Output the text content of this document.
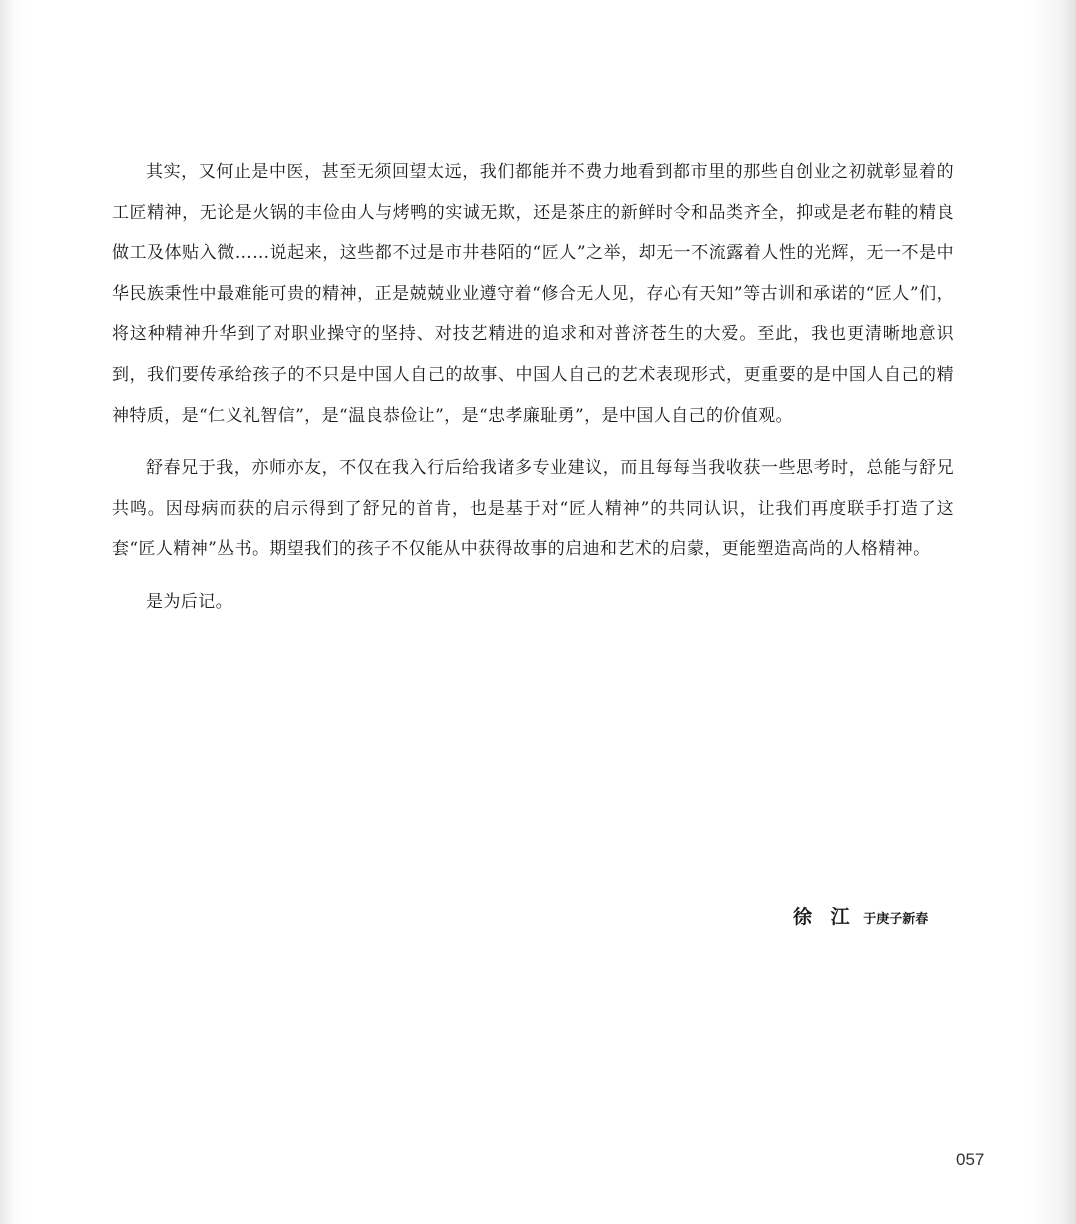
其实，又何止是中医，甚至无须回望太远，我们都能并不费力地看到都市里的那些自创业之初就彰显着的工匠精神，无论是火锅的丰俭由人与烤鸭的实诚无欺，还是茶庄的新鲜时令和品类齐全，抑或是老布鞋的精良做工及体贴入微……说起来，这些都不过是市井巷陌的“匠人”之举，却无一不流露着人性的光辉，无一不是中华民族秉性中最难能可贵的精神，正是兢兢业业遵守着“修合无人见，存心有天知”等古训和承诺的“匠人”们，将这种精神升华到了对职业操守的坚持、对技艺精进的追求和对普济苍生的大爱。至此，我也更清晰地意识到，我们要传承给孩子的不只是中国人自己的故事、中国人自己的艺术表现形式，更重要的是中国人自己的精神特质，是“仁义礼智信”，是“温良恭俭让”，是“忠孝廉耻勇”，是中国人自己的价值观。

舒春兄于我，亦师亦友，不仅在我入行后给我诸多专业建议，而且每每当我收获一些思考时，总能与舒兄共鸣。因母病而获的启示得到了舒兄的首肯，也是基于对“匠人精神”的共同认识，让我们再度联手打造了这套“匠人精神”丛书。期望我们的孩子不仅能从中获得故事的启迪和艺术的启蒙，更能塑造高尚的人格精神。

是为后记。

徐 江 于庚子新春
057
